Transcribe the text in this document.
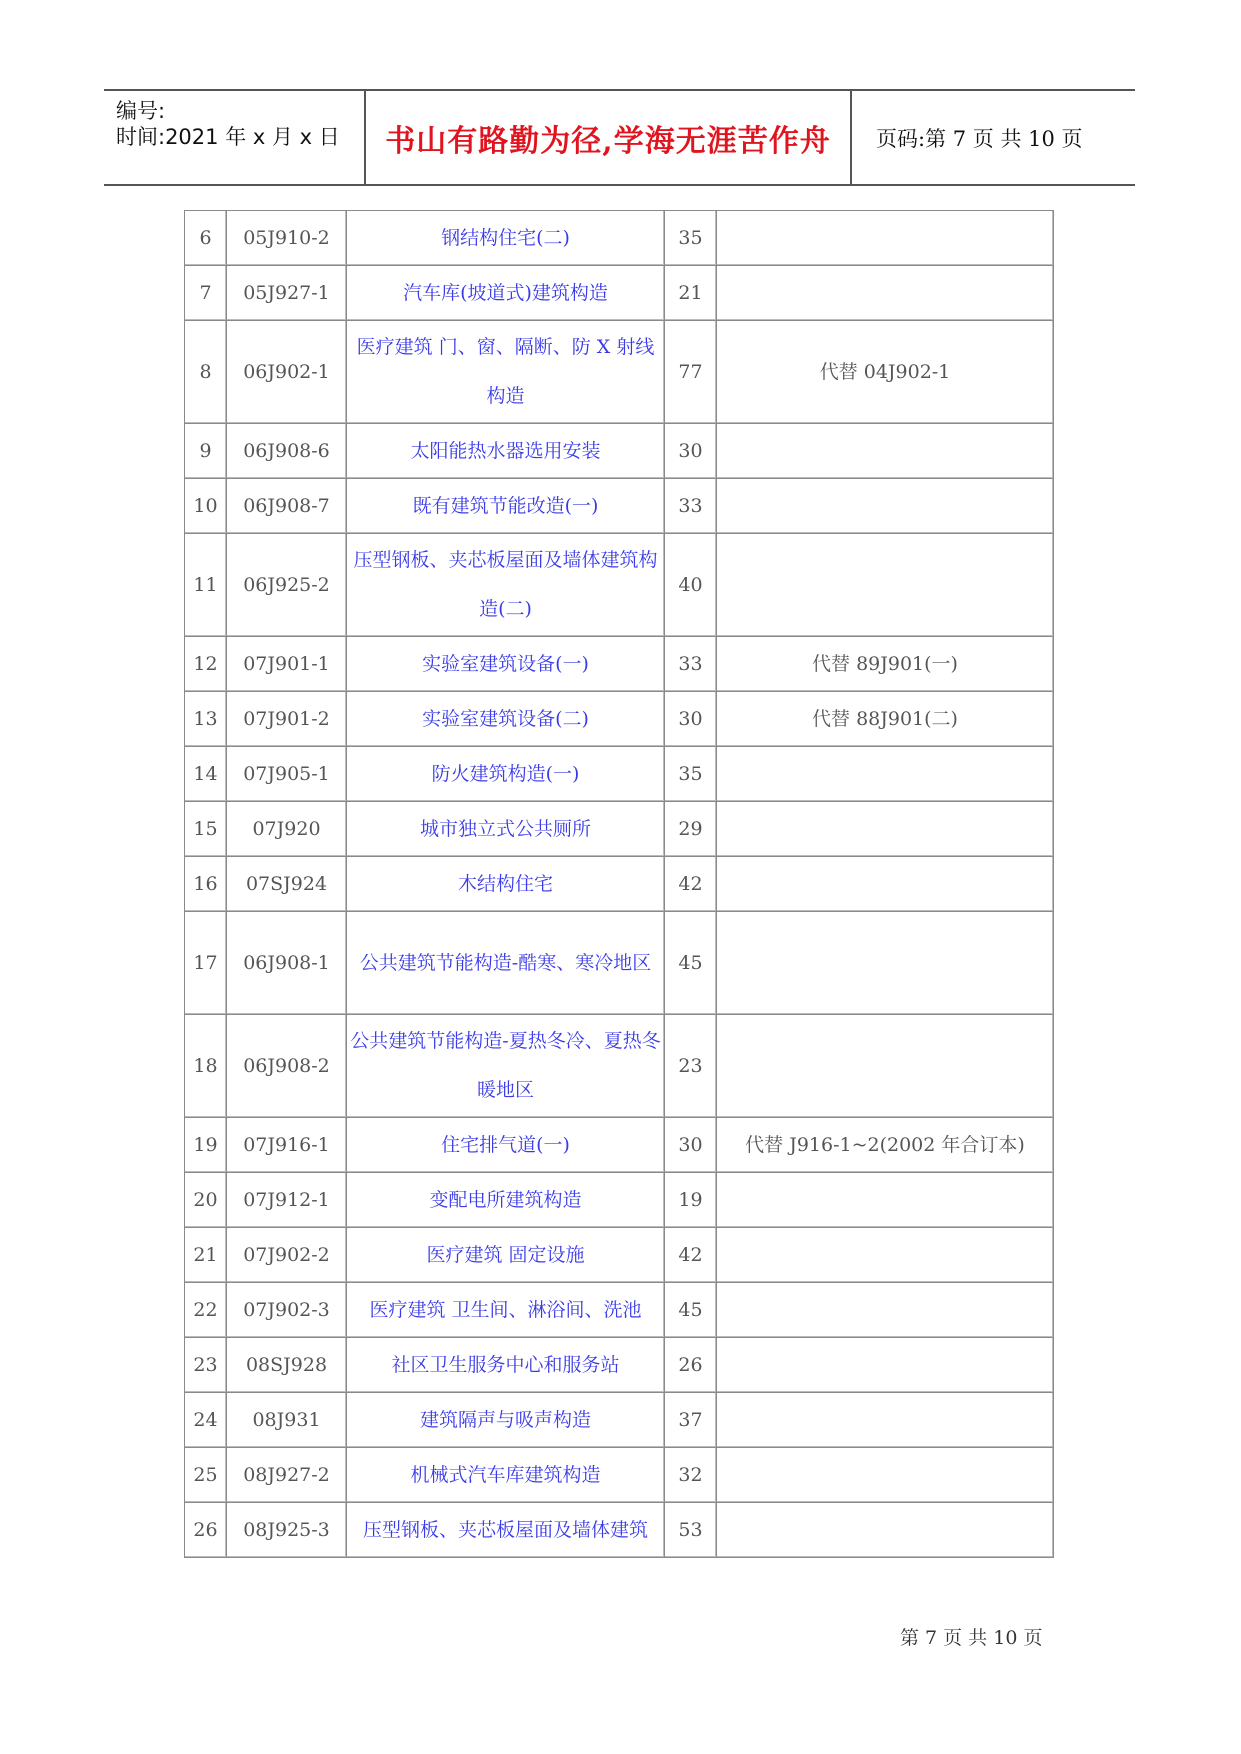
编号:
时间:2021 年 x 月 x 日	书山有路勤为径,学海无涯苦作舟	页码:第 7 页 共 10 页
6	05J910-2	钢结构住宅(二)	35	
7	05J927-1	汽车库(坡道式)建筑构造	21	
8	06J902-1	医疗建筑 门、窗、隔断、防 X 射线构造	77	代替 04J902-1
9	06J908-6	太阳能热水器选用安装	30	
10	06J908-7	既有建筑节能改造(一)	33	
11	06J925-2	压型钢板、夹芯板屋面及墙体建筑构造(二)	40	
12	07J901-1	实验室建筑设备(一)	33	代替 89J901(一)
13	07J901-2	实验室建筑设备(二)	30	代替 88J901(二)
14	07J905-1	防火建筑构造(一)	35	
15	07J920	城市独立式公共厕所	29	
16	07SJ924	木结构住宅	42	
17	06J908-1	公共建筑节能构造-酷寒、寒冷地区	45	
18	06J908-2	公共建筑节能构造-夏热冬冷、夏热冬暖地区	23	
19	07J916-1	住宅排气道(一)	30	代替 J916-1~2(2002 年合订本)
20	07J912-1	变配电所建筑构造	19	
21	07J902-2	医疗建筑 固定设施	42	
22	07J902-3	医疗建筑 卫生间、淋浴间、洗池	45	
23	08SJ928	社区卫生服务中心和服务站	26	
24	08J931	建筑隔声与吸声构造	37	
25	08J927-2	机械式汽车库建筑构造	32	
26	08J925-3	压型钢板、夹芯板屋面及墙体建筑	53	
第 7 页 共 10 页
